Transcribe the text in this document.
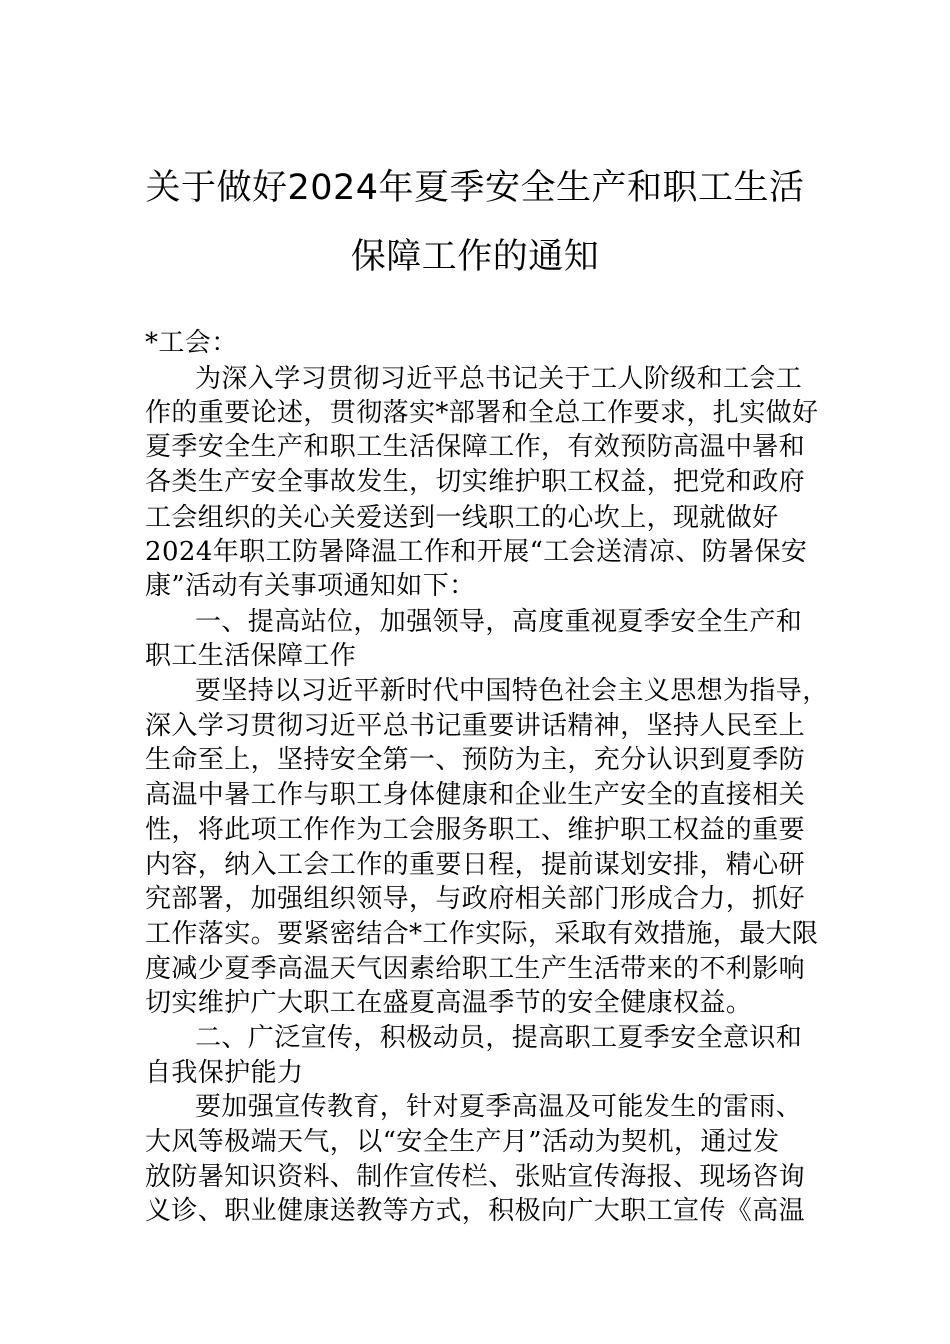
关于做好2024年夏季安全生产和职工生活
保障工作的通知
*工会：
为深入学习贯彻习近平总书记关于工人阶级和工会工
作的重要论述，贯彻落实*部署和全总工作要求，扎实做好
夏季安全生产和职工生活保障工作，有效预防高温中暑和
各类生产安全事故发生，切实维护职工权益，把党和政府
工会组织的关心关爱送到一线职工的心坎上，现就做好
2024年职工防暑降温工作和开展“工会送清凉、防暑保安
康”活动有关事项通知如下：
一、提高站位，加强领导，高度重视夏季安全生产和
职工生活保障工作
要坚持以习近平新时代中国特色社会主义思想为指导，
深入学习贯彻习近平总书记重要讲话精神，坚持人民至上
生命至上，坚持安全第一、预防为主，充分认识到夏季防
高温中暑工作与职工身体健康和企业生产安全的直接相关
性，将此项工作作为工会服务职工、维护职工权益的重要
内容，纳入工会工作的重要日程，提前谋划安排，精心研
究部署，加强组织领导，与政府相关部门形成合力，抓好
工作落实。要紧密结合*工作实际，采取有效措施，最大限
度减少夏季高温天气因素给职工生产生活带来的不利影响
切实维护广大职工在盛夏高温季节的安全健康权益。
二、广泛宣传，积极动员，提高职工夏季安全意识和
自我保护能力
要加强宣传教育，针对夏季高温及可能发生的雷雨、
大风等极端天气，以“安全生产月”活动为契机，通过发
放防暑知识资料、制作宣传栏、张贴宣传海报、现场咨询
义诊、职业健康送教等方式，积极向广大职工宣传《高温
